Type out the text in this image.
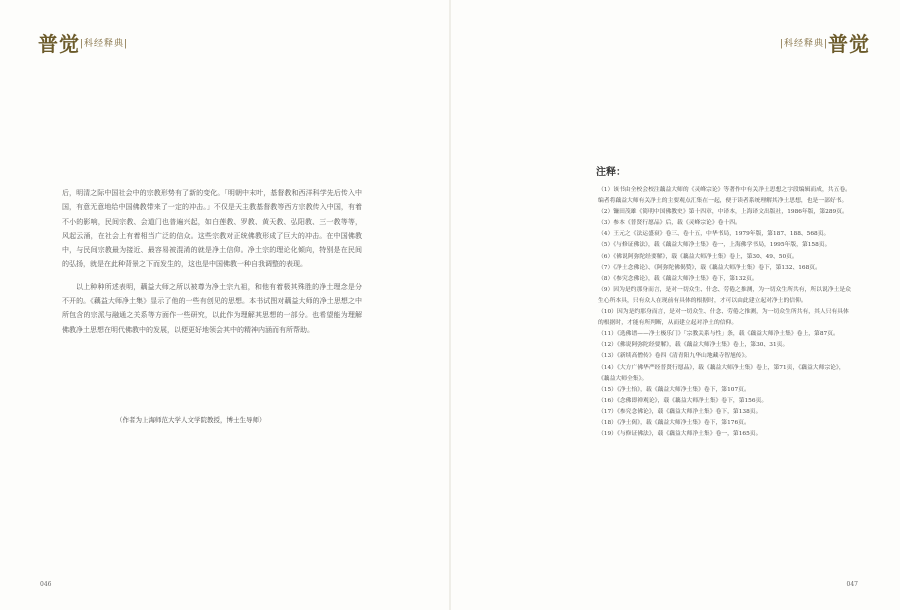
普觉 |科经释典|

后，明清之际中国社会中的宗教形势有了新的变化。「明朝中末叶，基督教和西洋科学先后传入中国，有意无意地给中国佛教带来了一定的冲击。」不仅是天主教基督教等西方宗教传入中国，有着不小的影响，民间宗教、会道门也普遍兴起，如白莲教、罗教、黄天教、弘阳教、三一教等等，风起云涌，在社会上有着相当广泛的信众。这些宗教对正统佛教形成了巨大的冲击。在中国佛教中，与民间宗教最为接近、最容易被混淆的就是净土信仰。净土宗的理论化倾向，特别是在民间的弘扬，就是在此种背景之下而发生的，这也是中国佛教一种自我调整的表现。

以上种种所述表明，藕益大师之所以被尊为净土宗九祖，和他有着极其殊胜的净土理念是分不开的。《藕益大师净土集》显示了他的一些有创见的思想。本书试图对藕益大师的净土思想之中所包含的宗派与融通之关系等方面作一些研究，以此作为理解其思想的一部分。也希望能为理解佛教净土思想在明代佛教中的发展，以便更好地领会其中的精神内涵而有所帮助。

（作者为上海师范大学人文学院教授，博士生导师）
046
普觉
|科经释典|
047
注释：
（1）该书由全校会校注藕益大师的《灵峰宗论》等著作中有关净土思想之字段编辑而成，共五卷。编者将藕益大师有关净土的主要观点汇集在一起，便于读者系统理解其净土思想，也是一部好书。
（2）镰田茂雄《简明中国佛教史》第十四章，中译本，上海译文出版社，1986年版，第289页。
（3）参本《普贤行愿品》后，载《灵峰宗论》卷十四。
（4）王元之《法运盛衰》卷三、卷十五，中华书局，1979年版，第187、188、568页。
（5）《与修证佛法》，载《藕益大师净土集》卷一，上海佛学书局，1995年版，第158页。
（6）《佛说阿弥陀经要解》，载《藕益大师净土集》卷上，第30、49、50页。
（7）《净土念佛论》、《阿弥陀佛偈赞》，载《藕益大师净土集》卷下，第132、168页。
（8）《参究念佛论》，载《藕益大师净土集》卷下，第132页。
（9）因为是约那身而言，是对一切众生、什念、劳倦之推测，为一切众生所共有，所以说净土是众生心所本具，只有众人在现前有具体的根据时，才可以由此建立起对净土的信仰。
（10）因为是约那身而言，是对一切众生、什念、劳倦之推测，为一切众生所共有，其人只有具体的根据时，才能有所判断，从而建立起对净土的信仰。
（11）《选佛谱——净土极乐门》「宗教关系与性」条，载《藕益大师净土集》卷上，第87页。
（12）《佛说阿弥陀经要解》，载《藕益大师净土集》卷上，第30、31页。
（13）《新续高僧传》卷四《清青阳九华山地藏寺智旭传》。
（14）《大方广佛华严经普贤行愿品》，载《藕益大师净土集》卷上，第71页，《藕益大师宗论》，《藕益大师全集》。
（15）《净土怡》，载《藕益大师净土集》卷下，第107页。
（16）《念佛即禅观论》，载《藕益大师净土集》卷下，第156页。
（17）《参究念佛论》，载《藕益大师净土集》卷下，第138页。
（18）《净土偈》，载《藕益大师净土集》卷下，第176页。
（19）《与修证佛法》，载《藕益大师净土集》卷一，第165页。
